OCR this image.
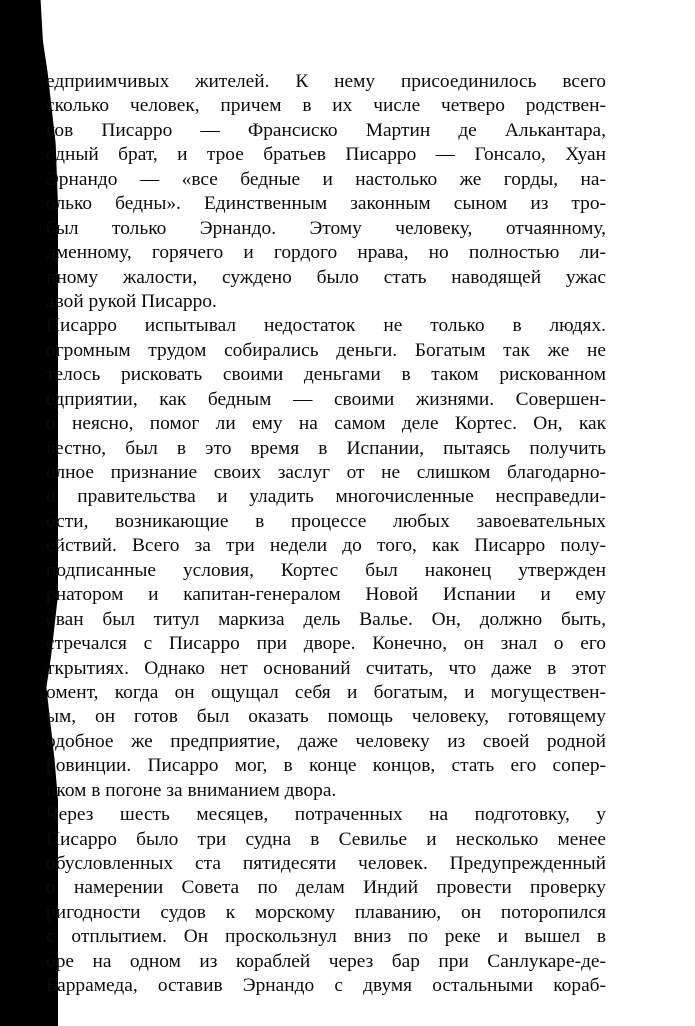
едприимчивых жителей. К нему присоединилось всего
сколько человек, причем в их числе четверо родствен-
ков Писарро — Франсиско Мартин де Алькантара,
одный брат, и трое братьев Писарро — Гонсало, Хуан
Эрнандо — «все бедные и настолько же горды, на-
олько бедны». Единственным законным сыном из тро-
был только Эрнандо. Этому человеку, отчаянному,
дменному, горячего и гордого нрава, но полностью ли-
нному жалости, суждено было стать наводящей ужас
авой рукой Писарро.
Писарро испытывал недостаток не только в людях.
огромным трудом собирались деньги. Богатым так же не
телось рисковать своими деньгами в таком рискованном
едприятии, как бедным — своими жизнями. Совершен-
о неясно, помог ли ему на самом деле Кортес. Он, как
вестно, был в это время в Испании, пытаясь получить
олное признание своих заслуг от не слишком благодарно-
о правительства и уладить многочисленные несправедли-
ости, возникающие в процессе любых завоевательных
ействий. Всего за три недели до того, как Писарро полу-
подписанные условия, Кортес был наконец утвержден
рнатором и капитан-генералом Новой Испании и ему
ован был титул маркиза дель Валье. Он, должно быть,
стречался с Писарро при дворе. Конечно, он знал о его
ткрытиях. Однако нет оснований считать, что даже в этот
омент, когда он ощущал себя и богатым, и могуществен-
ым, он готов был оказать помощь человеку, готовящему
одобное же предприятие, даже человеку из своей родной
ровинции. Писарро мог, в конце концов, стать его сопер-
иком в погоне за вниманием двора.
Через шесть месяцев, потраченных на подготовку, у
Писарро было три судна в Севилье и несколько менее
обусловленных ста пятидесяти человек. Предупрежденный
о намерении Совета по делам Индий провести проверку
ригодности судов к морскому плаванию, он поторопился
с отплытием. Он проскользнул вниз по реке и вышел в
оре на одном из кораблей через бар при Санлукаре-де-
Баррамеда, оставив Эрнандо с двумя остальными кораб-
